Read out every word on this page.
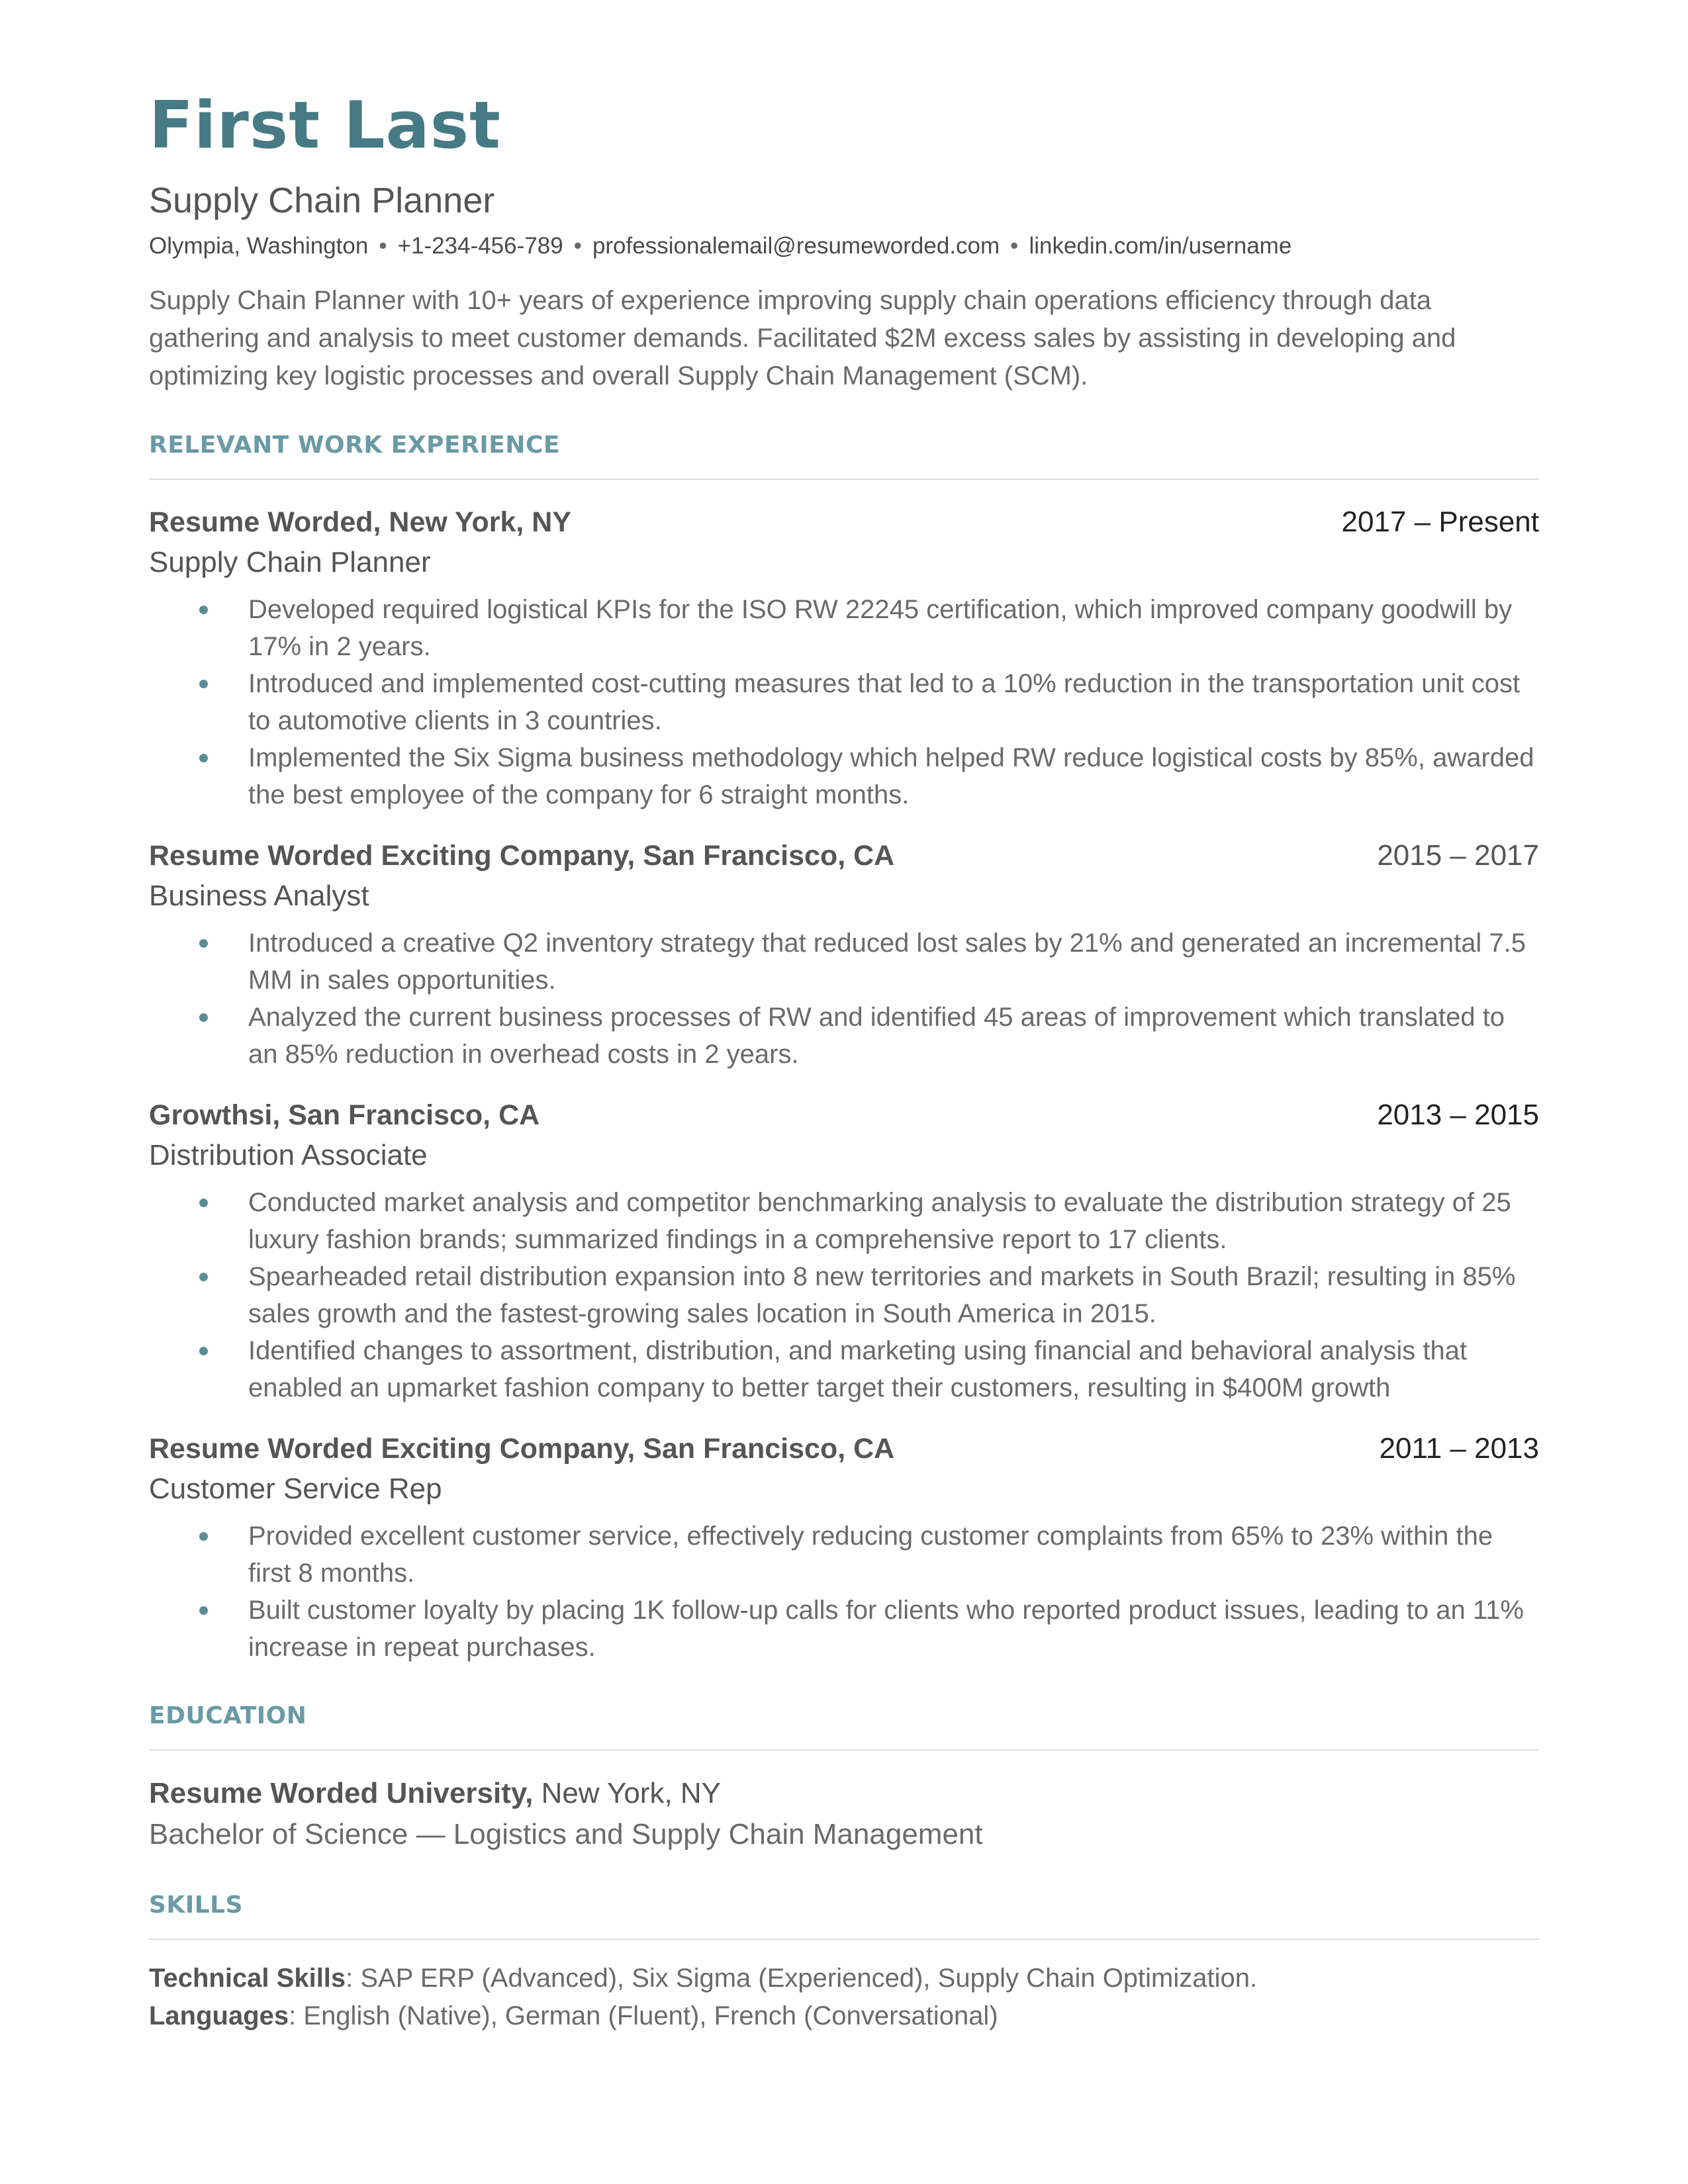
First Last
Supply Chain Planner
Olympia, Washington • +1-234-456-789 • professionalemail@resumeworded.com • linkedin.com/in/username
Supply Chain Planner with 10+ years of experience improving supply chain operations efficiency through data gathering and analysis to meet customer demands. Facilitated $2M excess sales by assisting in developing and optimizing key logistic processes and overall Supply Chain Management (SCM).
RELEVANT WORK EXPERIENCE
Resume Worded, New York, NY	2017 – Present
Supply Chain Planner
Developed required logistical KPIs for the ISO RW 22245 certification, which improved company goodwill by 17% in 2 years.
Introduced and implemented cost-cutting measures that led to a 10% reduction in the transportation unit cost to automotive clients in 3 countries.
Implemented the Six Sigma business methodology which helped RW reduce logistical costs by 85%, awarded the best employee of the company for 6 straight months.
Resume Worded Exciting Company, San Francisco, CA	2015 – 2017
Business Analyst
Introduced a creative Q2 inventory strategy that reduced lost sales by 21% and generated an incremental 7.5 MM in sales opportunities.
Analyzed the current business processes of RW and identified 45 areas of improvement which translated to an 85% reduction in overhead costs in 2 years.
Growthsi, San Francisco, CA	2013 – 2015
Distribution Associate
Conducted market analysis and competitor benchmarking analysis to evaluate the distribution strategy of 25 luxury fashion brands; summarized findings in a comprehensive report to 17 clients.
Spearheaded retail distribution expansion into 8 new territories and markets in South Brazil; resulting in 85% sales growth and the fastest-growing sales location in South America in 2015.
Identified changes to assortment, distribution, and marketing using financial and behavioral analysis that enabled an upmarket fashion company to better target their customers, resulting in $400M growth
Resume Worded Exciting Company, San Francisco, CA	2011 – 2013
Customer Service Rep
Provided excellent customer service, effectively reducing customer complaints from 65% to 23% within the first 8 months.
Built customer loyalty by placing 1K follow-up calls for clients who reported product issues, leading to an 11% increase in repeat purchases.
EDUCATION
Resume Worded University, New York, NY
Bachelor of Science — Logistics and Supply Chain Management
SKILLS
Technical Skills: SAP ERP (Advanced), Six Sigma (Experienced), Supply Chain Optimization.
Languages: English (Native), German (Fluent), French (Conversational)
